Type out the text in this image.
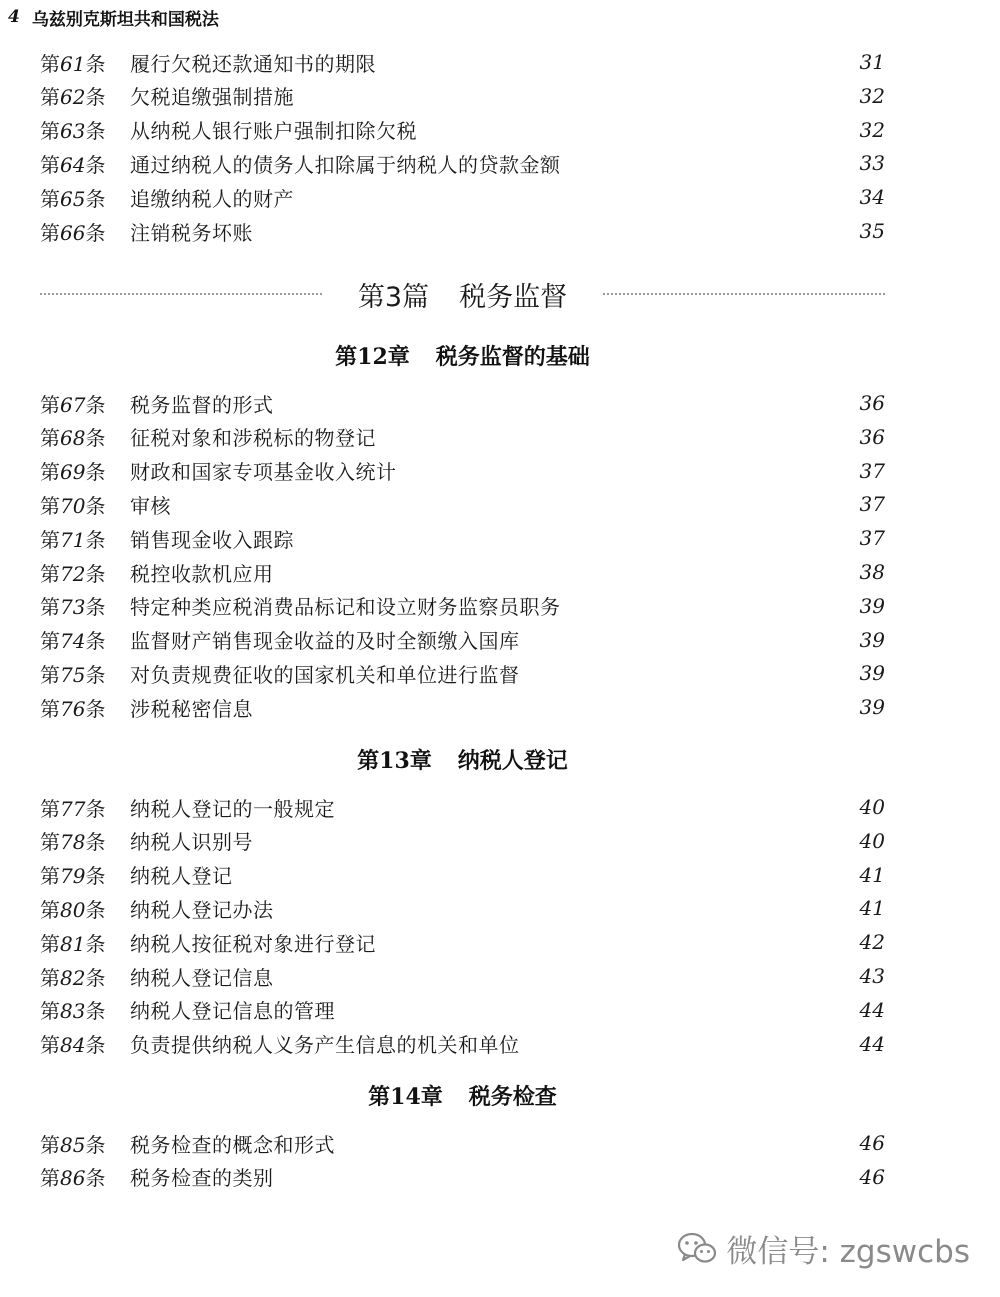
4 乌兹别克斯坦共和国税法
第61条	履行欠税还款通知书的期限	31
第62条	欠税追缴强制措施	32
第63条	从纳税人银行账户强制扣除欠税	32
第64条	通过纳税人的债务人扣除属于纳税人的贷款金额	33
第65条	追缴纳税人的财产	34
第66条	注销税务坏账	35
第3篇 税务监督
第12章 税务监督的基础
第67条	税务监督的形式	36
第68条	征税对象和涉税标的物登记	36
第69条	财政和国家专项基金收入统计	37
第70条	审核	37
第71条	销售现金收入跟踪	37
第72条	税控收款机应用	38
第73条	特定种类应税消费品标记和设立财务监察员职务	39
第74条	监督财产销售现金收益的及时全额缴入国库	39
第75条	对负责规费征收的国家机关和单位进行监督	39
第76条	涉税秘密信息	39
第13章 纳税人登记
第77条	纳税人登记的一般规定	40
第78条	纳税人识别号	40
第79条	纳税人登记	41
第80条	纳税人登记办法	41
第81条	纳税人按征税对象进行登记	42
第82条	纳税人登记信息	43
第83条	纳税人登记信息的管理	44
第84条	负责提供纳税人义务产生信息的机关和单位	44
第14章 税务检查
第85条	税务检查的概念和形式	46
第86条	税务检查的类别	46
微信号: zgswcbs
